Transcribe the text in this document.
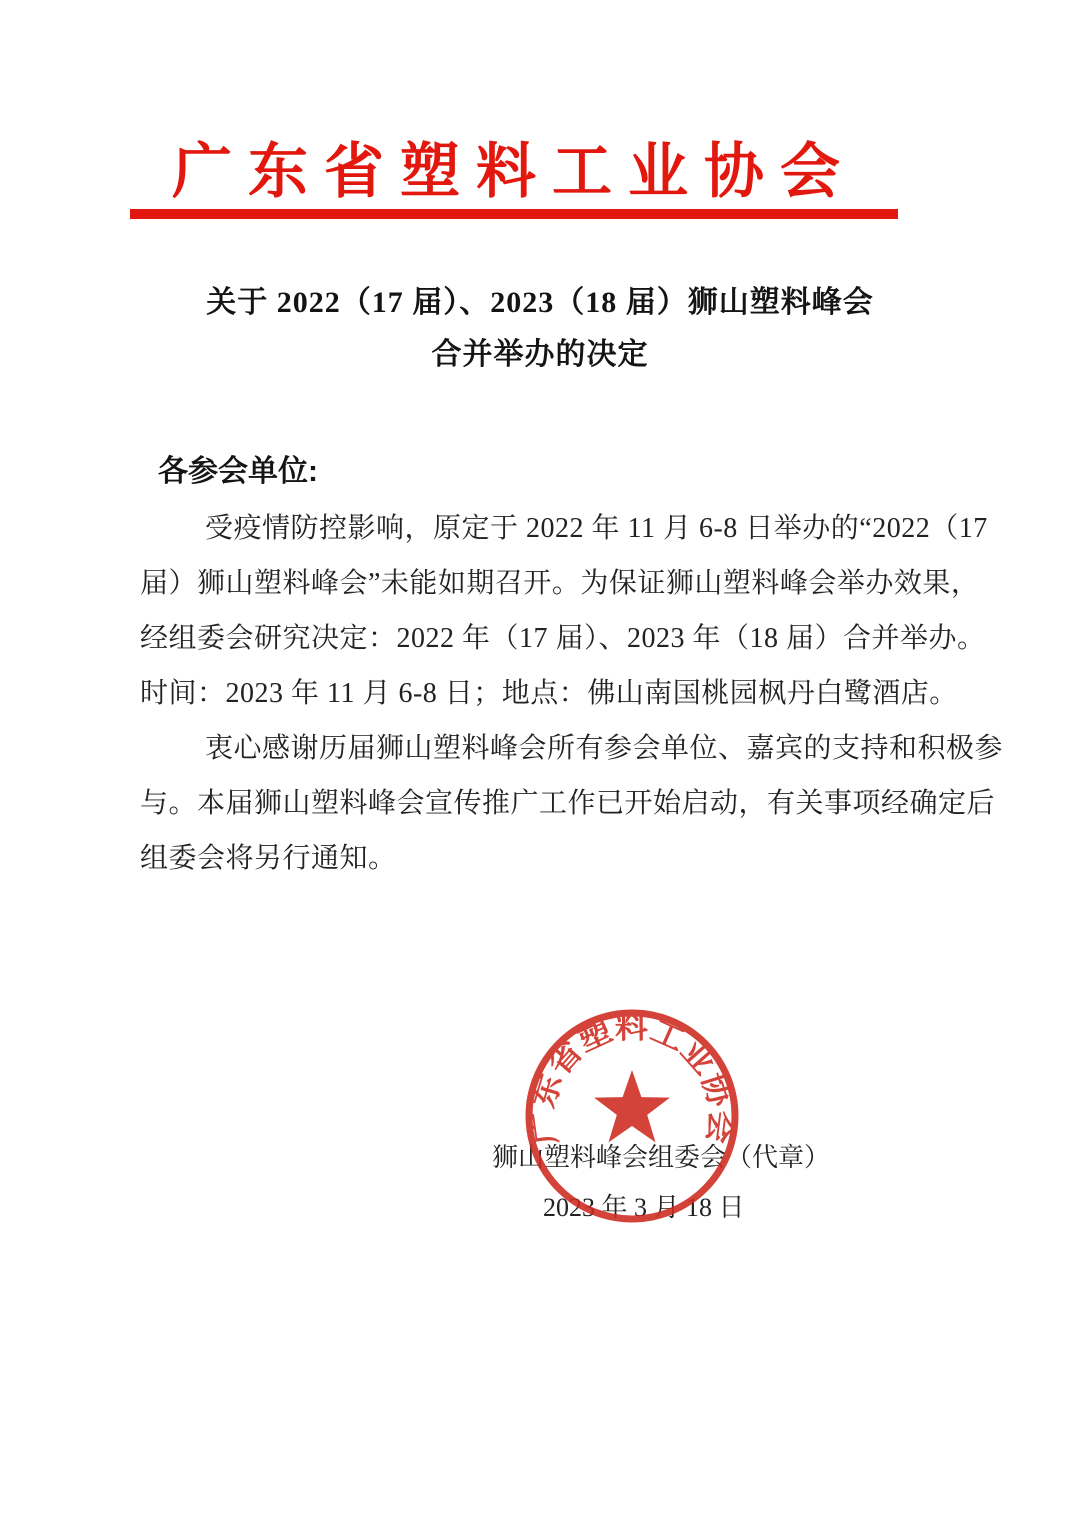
广东省塑料工业协会
关于 2022（17 届）、2023（18 届）狮山塑料峰会
合并举办的决定
各参会单位:
受疫情防控影响，原定于 2022 年 11 月 6-8 日举办的“2022（17
届）狮山塑料峰会”未能如期召开。为保证狮山塑料峰会举办效果，
经组委会研究决定：2022 年（17 届）、2023 年（18 届）合并举办。
时间：2023 年 11 月 6-8 日；地点：佛山南国桃园枫丹白鹭酒店。
衷心感谢历届狮山塑料峰会所有参会单位、嘉宾的支持和积极参
与。本届狮山塑料峰会宣传推广工作已开始启动，有关事项经确定后
组委会将另行通知。
狮山塑料峰会组委会（代章）
2023 年 3 月 18 日
广东省塑料工业协会
